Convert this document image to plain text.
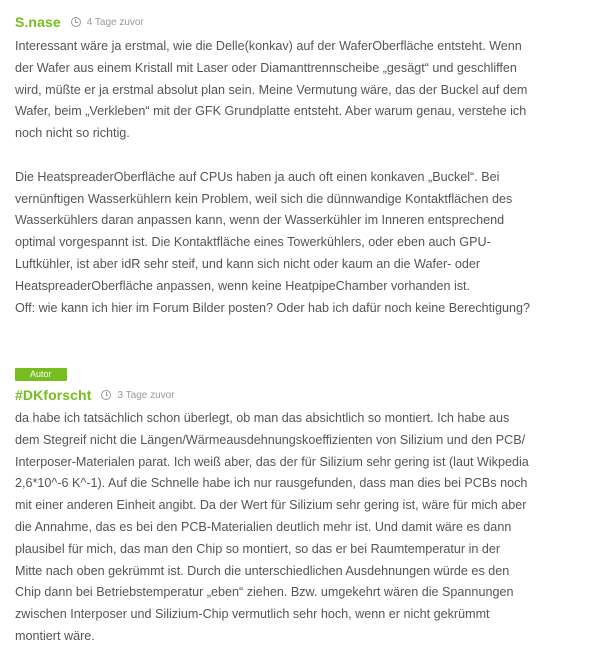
S.nase	4 Tage zuvor

Interessant wäre ja erstmal, wie die Delle(konkav) auf der WaferOberfläche entsteht. Wenn

der Wafer aus einem Kristall mit Laser oder Diamanttrennscheibe „gesägt“ und geschliffen

wird, müßte er ja erstmal absolut plan sein. Meine Vermutung wäre, das der Buckel auf dem

Wafer, beim „Verkleben“ mit der GFK Grundplatte entsteht. Aber warum genau, verstehe ich

noch nicht so richtig.

Die HeatspreaderOberfläche auf CPUs haben ja auch oft einen konkaven „Buckel“. Bei

vernünftigen Wasserkühlern kein Problem, weil sich die dünnwandige Kontaktflächen des

Wasserkühlers daran anpassen kann, wenn der Wasserkühler im Inneren entsprechend

optimal vorgespannt ist. Die Kontaktfläche eines Towerkühlers, oder eben auch GPU-

Luftkühler, ist aber idR sehr steif, und kann sich nicht oder kaum an die Wafer- oder

HeatspreaderOberfläche anpassen, wenn keine HeatpipeChamber vorhanden ist.

Off: wie kann ich hier im Forum Bilder posten? Oder hab ich dafür noch keine Berechtigung?

Autor
#DKforscht	3 Tage zuvor

da habe ich tatsächlich schon überlegt, ob man das absichtlich so montiert. Ich habe aus

dem Stegreif nicht die Längen/Wärmeausdehnungskoeffizienten von Silizium und den PCB/

Interposer-Materialen parat. Ich weiß aber, das der für Silizium sehr gering ist (laut Wikpedia

2,6*10^-6 K^-1). Auf die Schnelle habe ich nur rausgefunden, dass man dies bei PCBs noch

mit einer anderen Einheit angibt. Da der Wert für Silizium sehr gering ist, wäre für mich aber

die Annahme, das es bei den PCB-Materialien deutlich mehr ist. Und damit wäre es dann

plausibel für mich, das man den Chip so montiert, so das er bei Raumtemperatur in der

Mitte nach oben gekrümmt ist. Durch die unterschiedlichen Ausdehnungen würde es den

Chip dann bei Betriebstemperatur „eben“ ziehen. Bzw. umgekehrt wären die Spannungen

zwischen Interposer und Silizium-Chip vermutlich sehr hoch, wenn er nicht gekrümmt

montiert wäre.
